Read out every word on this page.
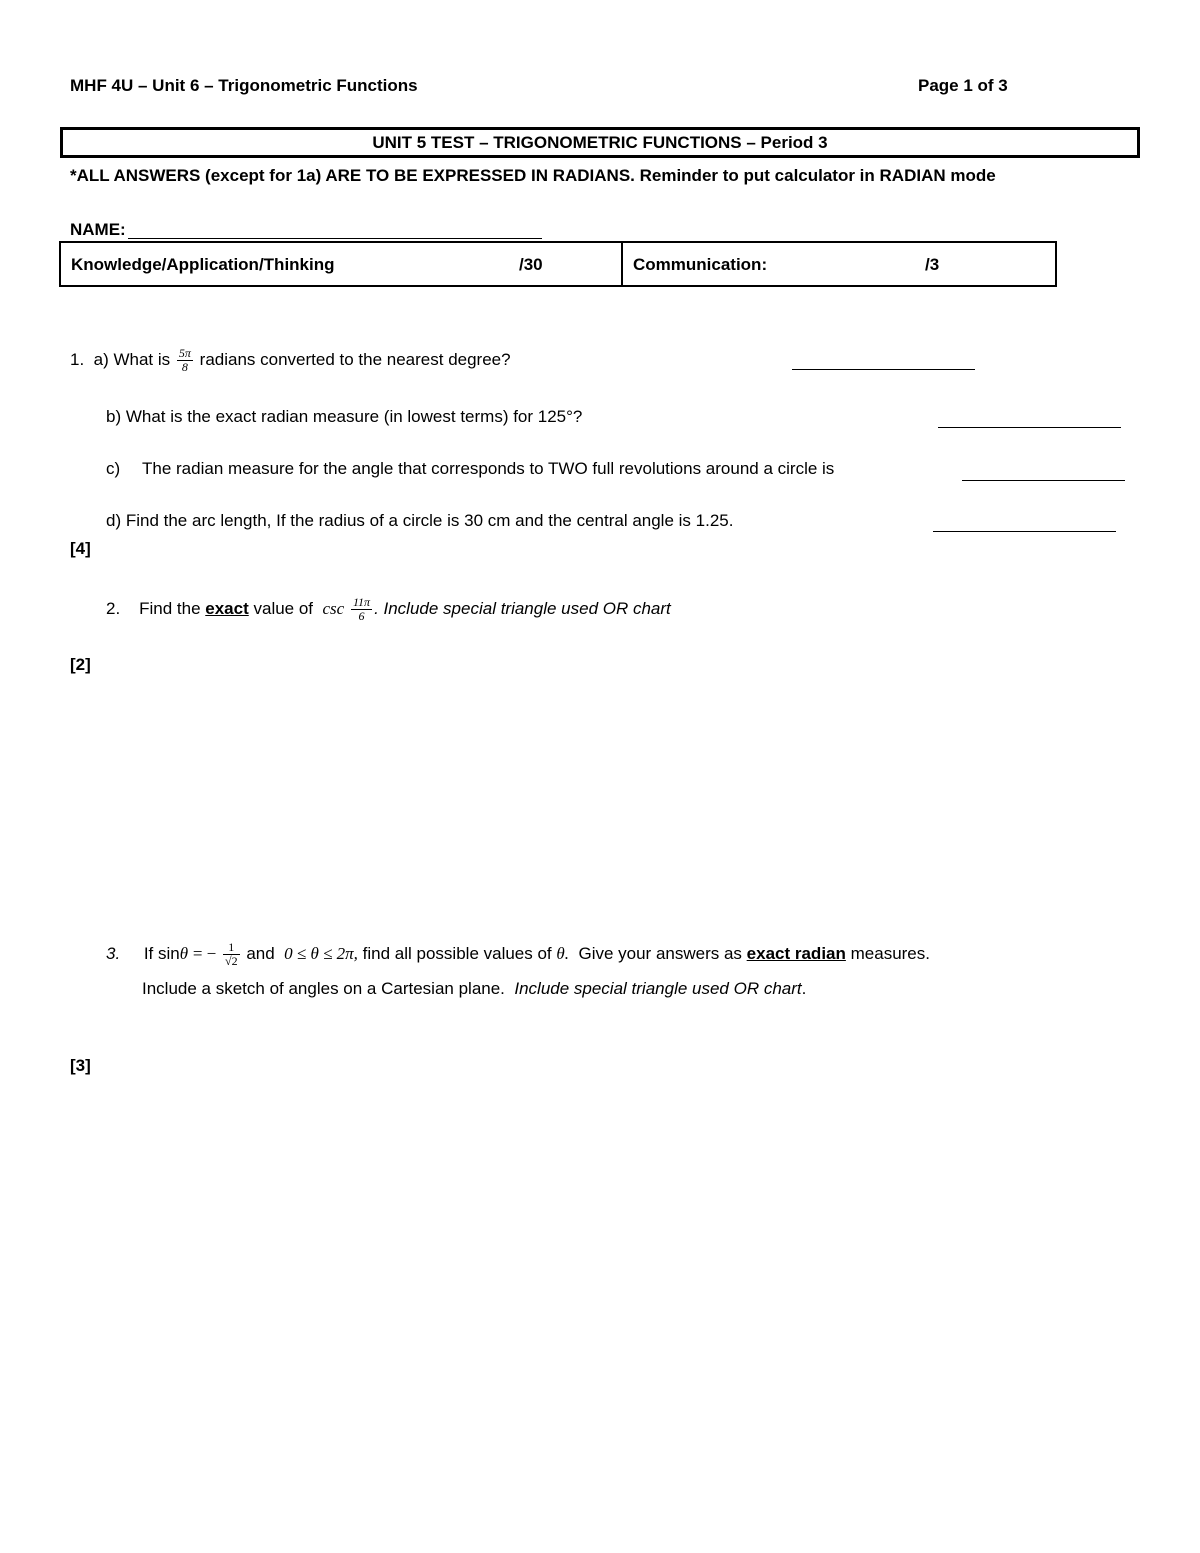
MHF 4U – Unit 6 – Trigonometric Functions	Page 1 of 3
UNIT 5 TEST – TRIGONOMETRIC FUNCTIONS – Period 3
*ALL ANSWERS (except for 1a) ARE TO BE EXPRESSED IN RADIANS. Reminder to put calculator in RADIAN mode
NAME:
Knowledge/Application/Thinking	/30	Communication:	/3
1. a) What is $\frac{5\pi}{8}$ radians converted to the nearest degree?
b) What is the exact radian measure (in lowest terms) for 125°?
c) The radian measure for the angle that corresponds to TWO full revolutions around a circle is
d) Find the arc length, If the radius of a circle is 30 cm and the central angle is 1.25.
[4]
2. Find the exact value of $\csc \frac{11\pi}{6}$ . Include special triangle used OR chart
[2]
3. If sinθ = − $\frac{1}{√2}$ and 0 ≤ θ ≤ 2π, find all possible values of θ. Give your answers as exact radian measures.
Include a sketch of angles on a Cartesian plane. Include special triangle used OR chart.
[3]
